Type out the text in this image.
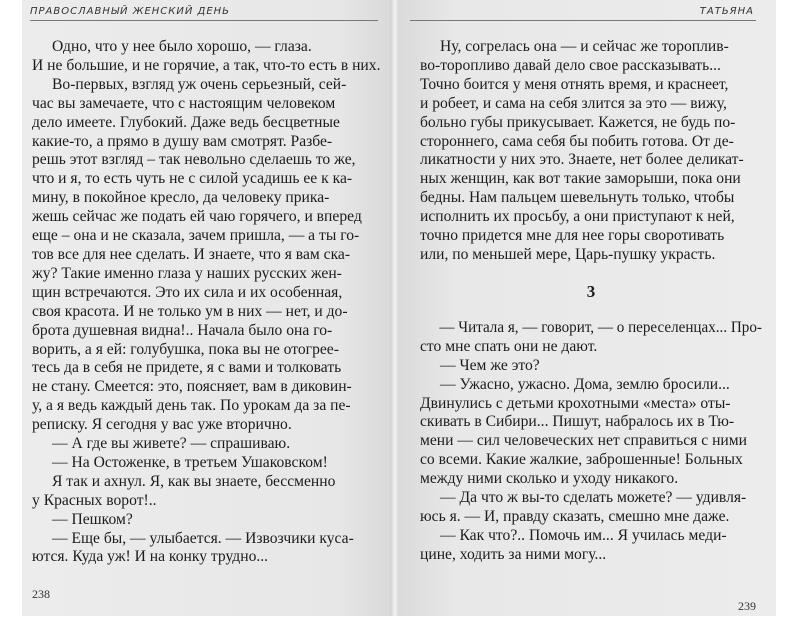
ПРАВОСЛАВНЫЙ ЖЕНСКИЙ ДЕНЬ
Одно, что у нее было хорошо, — глаза.
И не большие, и не горячие, а так, что-то есть в них.
Во-первых, взгляд уж очень серьезный, сей-
час вы замечаете, что с настоящим человеком
дело имеете. Глубокий. Даже ведь бесцветные
какие-то, а прямо в душу вам смотрят. Разбе-
решь этот взгляд – так невольно сделаешь то же,
что и я, то есть чуть не с силой усадишь ее к ка-
мину, в покойное кресло, да человеку прика-
жешь сейчас же подать ей чаю горячего, и вперед
еще – она и не сказала, зачем пришла, — а ты го-
тов все для нее сделать. И знаете, что я вам ска-
жу? Такие именно глаза у наших русских жен-
щин встречаются. Это их сила и их особенная,
своя красота. И не только ум в них — нет, и до-
брота душевная видна!.. Начала было она го-
ворить, а я ей: голубушка, пока вы не отогрее-
тесь да в себя не придете, я с вами и толковать
не стану. Смеется: это, поясняет, вам в диковин-
у, а я ведь каждый день так. По урокам да за пе-
реписку. Я сегодня у вас уже вторично.
— А где вы живете? — спрашиваю.
— На Остоженке, в третьем Ушаковском!
Я так и ахнул. Я, как вы знаете, бессменно
у Красных ворот!..
— Пешком?
— Еще бы, — улыбается. — Извозчики куса-
ются. Куда уж! И на конку трудно...
238
ТАТЬЯНА
Ну, согрелась она — и сейчас же тороплив-
во-торопливо давай дело свое рассказывать...
Точно боится у меня отнять время, и краснеет,
и робеет, и сама на себя злится за это — вижу,
больно губы прикусывает. Кажется, не будь по-
стороннего, сама себя бы побить готова. От де-
ликатности у них это. Знаете, нет более деликат-
ных женщин, как вот такие заморыши, пока они
бедны. Нам пальцем шевельнуть только, чтобы
исполнить их просьбу, а они приступают к ней,
точно придется мне для нее горы своротивать
или, по меньшей мере, Царь-пушку украсть.
3
— Читала я, — говорит, — о переселенцах... Про-
сто мне спать они не дают.
— Чем же это?
— Ужасно, ужасно. Дома, землю бросили...
Двинулись с детьми крохотными «места» оты-
скивать в Сибири... Пишут, набралось их в Тю-
мени — сил человеческих нет справиться с ними
со всеми. Какие жалкие, заброшенные! Больных
между ними сколько и уходу никакого.
— Да что ж вы-то сделать можете? — удивля-
юсь я. — И, правду сказать, смешно мне даже.
— Как что?.. Помочь им... Я училась меди-
цине, ходить за ними могу...
239
